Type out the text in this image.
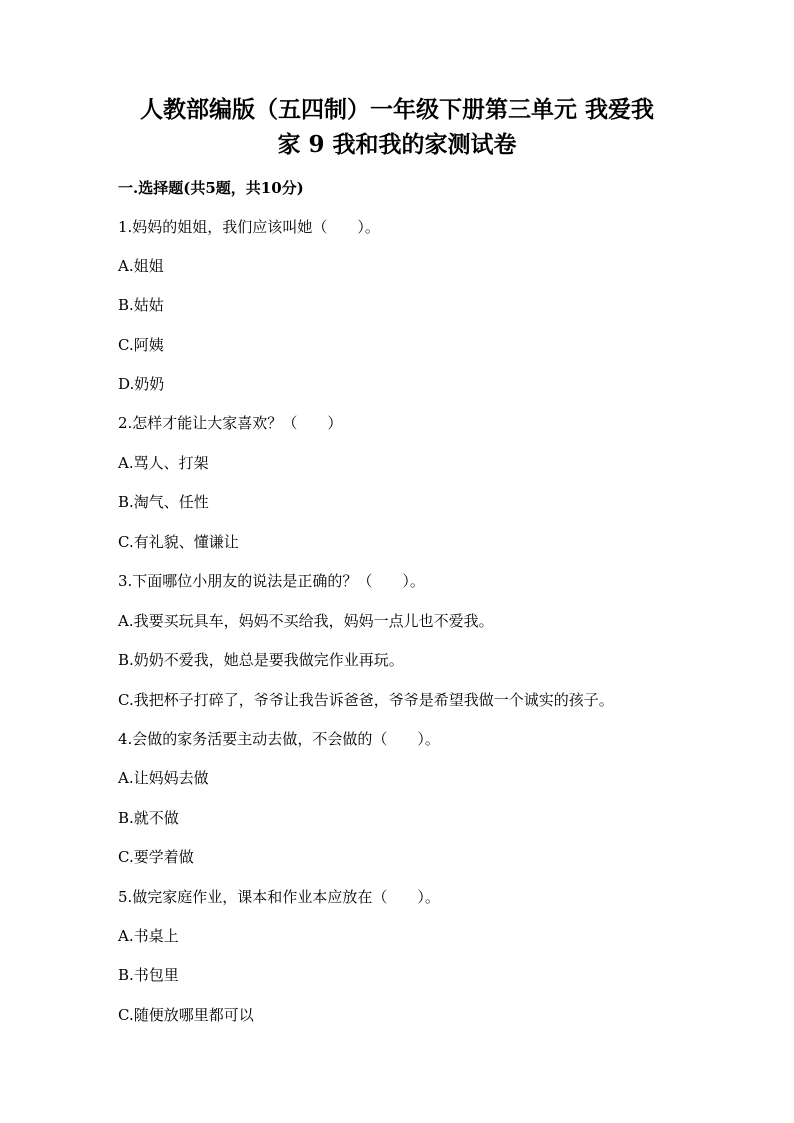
人教部编版（五四制）一年级下册第三单元 我爱我
家 9 我和我的家测试卷
一.选择题(共5题，共10分)
1.妈妈的姐姐，我们应该叫她（　　）。
A.姐姐
B.姑姑
C.阿姨
D.奶奶
2.怎样才能让大家喜欢？（　　）
A.骂人、打架
B.淘气、任性
C.有礼貌、懂谦让
3.下面哪位小朋友的说法是正确的？（　　）。
A.我要买玩具车，妈妈不买给我，妈妈一点儿也不爱我。
B.奶奶不爱我，她总是要我做完作业再玩。
C.我把杯子打碎了，爷爷让我告诉爸爸，爷爷是希望我做一个诚实的孩子。
4.会做的家务活要主动去做，不会做的（　　）。
A.让妈妈去做
B.就不做
C.要学着做
5.做完家庭作业，课本和作业本应放在（　　）。
A.书桌上
B.书包里
C.随便放哪里都可以
